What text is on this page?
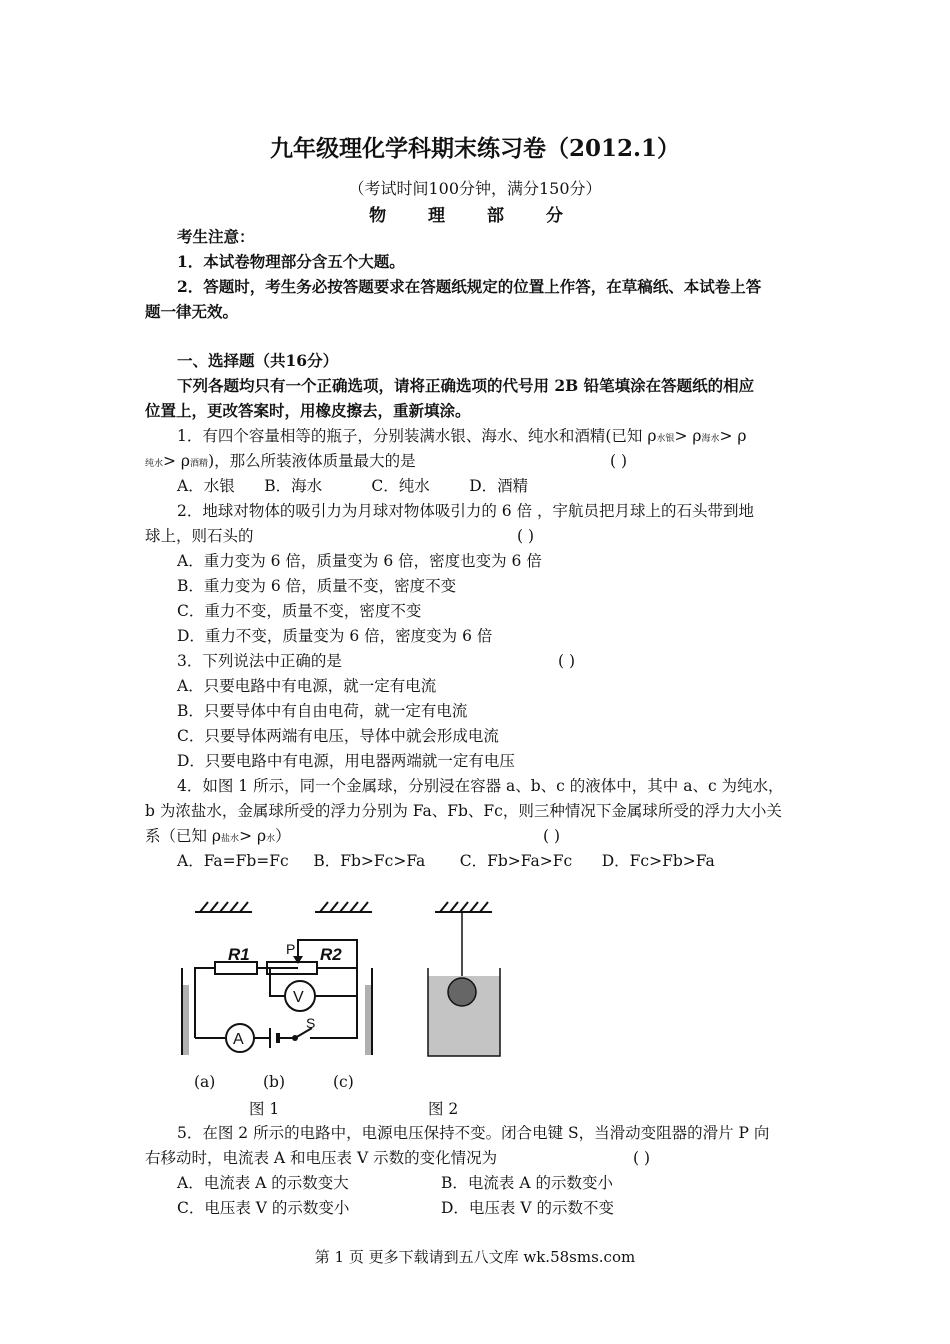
九年级理化学科期末练习卷（2012.1）
（考试时间100分钟，满分150分）
物 理 部 分
考生注意：
1．本试卷物理部分含五个大题。
2．答题时，考生务必按答题要求在答题纸规定的位置上作答，在草稿纸、本试卷上答
题一律无效。
一、选择题（共16分）
下列各题均只有一个正确选项，请将正确选项的代号用 2B 铅笔填涂在答题纸的相应
位置上，更改答案时，用橡皮擦去，重新填涂。
1．有四个容量相等的瓶子，分别装满水银、海水、纯水和酒精(已知 ρ水银> ρ海水> ρ
纯水> ρ酒精)，那么所装液体质量最大的是	( )
A．水银      B．海水          C．纯水        D．酒精
2．地球对物体的吸引力为月球对物体吸引力的 6 倍 ，宇航员把月球上的石头带到地
球上，则石头的	( )
A．重力变为 6 倍，质量变为 6 倍，密度也变为 6 倍
B．重力变为 6 倍，质量不变，密度不变
C．重力不变，质量不变，密度不变
D．重力不变，质量变为 6 倍，密度变为 6 倍
3．下列说法中正确的是	( )
A．只要电路中有电源，就一定有电流
B．只要导体中有自由电荷，就一定有电流
C．只要导体两端有电压，导体中就会形成电流
D．只要电路中有电源，用电器两端就一定有电压
4．如图 1 所示，同一个金属球，分别浸在容器 a、b、c 的液体中，其中 a、c 为纯水，
b 为浓盐水，金属球所受的浮力分别为 Fa、Fb、Fc，则三种情况下金属球所受的浮力大小关
系（已知 ρ盐水> ρ水）	( )
A．Fa=Fb=Fc     B．Fb>Fc>Fa       C．Fb>Fa>Fc      D．Fc>Fb>Fa
R1	R2
P
V
A
S
(a)	(b)	(c)
图 1	图 2
5．在图 2 所示的电路中，电源电压保持不变。闭合电键 S，当滑动变阻器的滑片 P 向
右移动时，电流表 A 和电压表 V 示数的变化情况为	( )
A．电流表 A 的示数变大	B．电流表 A 的示数变小
C．电压表 V 的示数变小	D．电压表 V 的示数不变
第 1 页 更多下载请到五八文库 wk.58sms.com
